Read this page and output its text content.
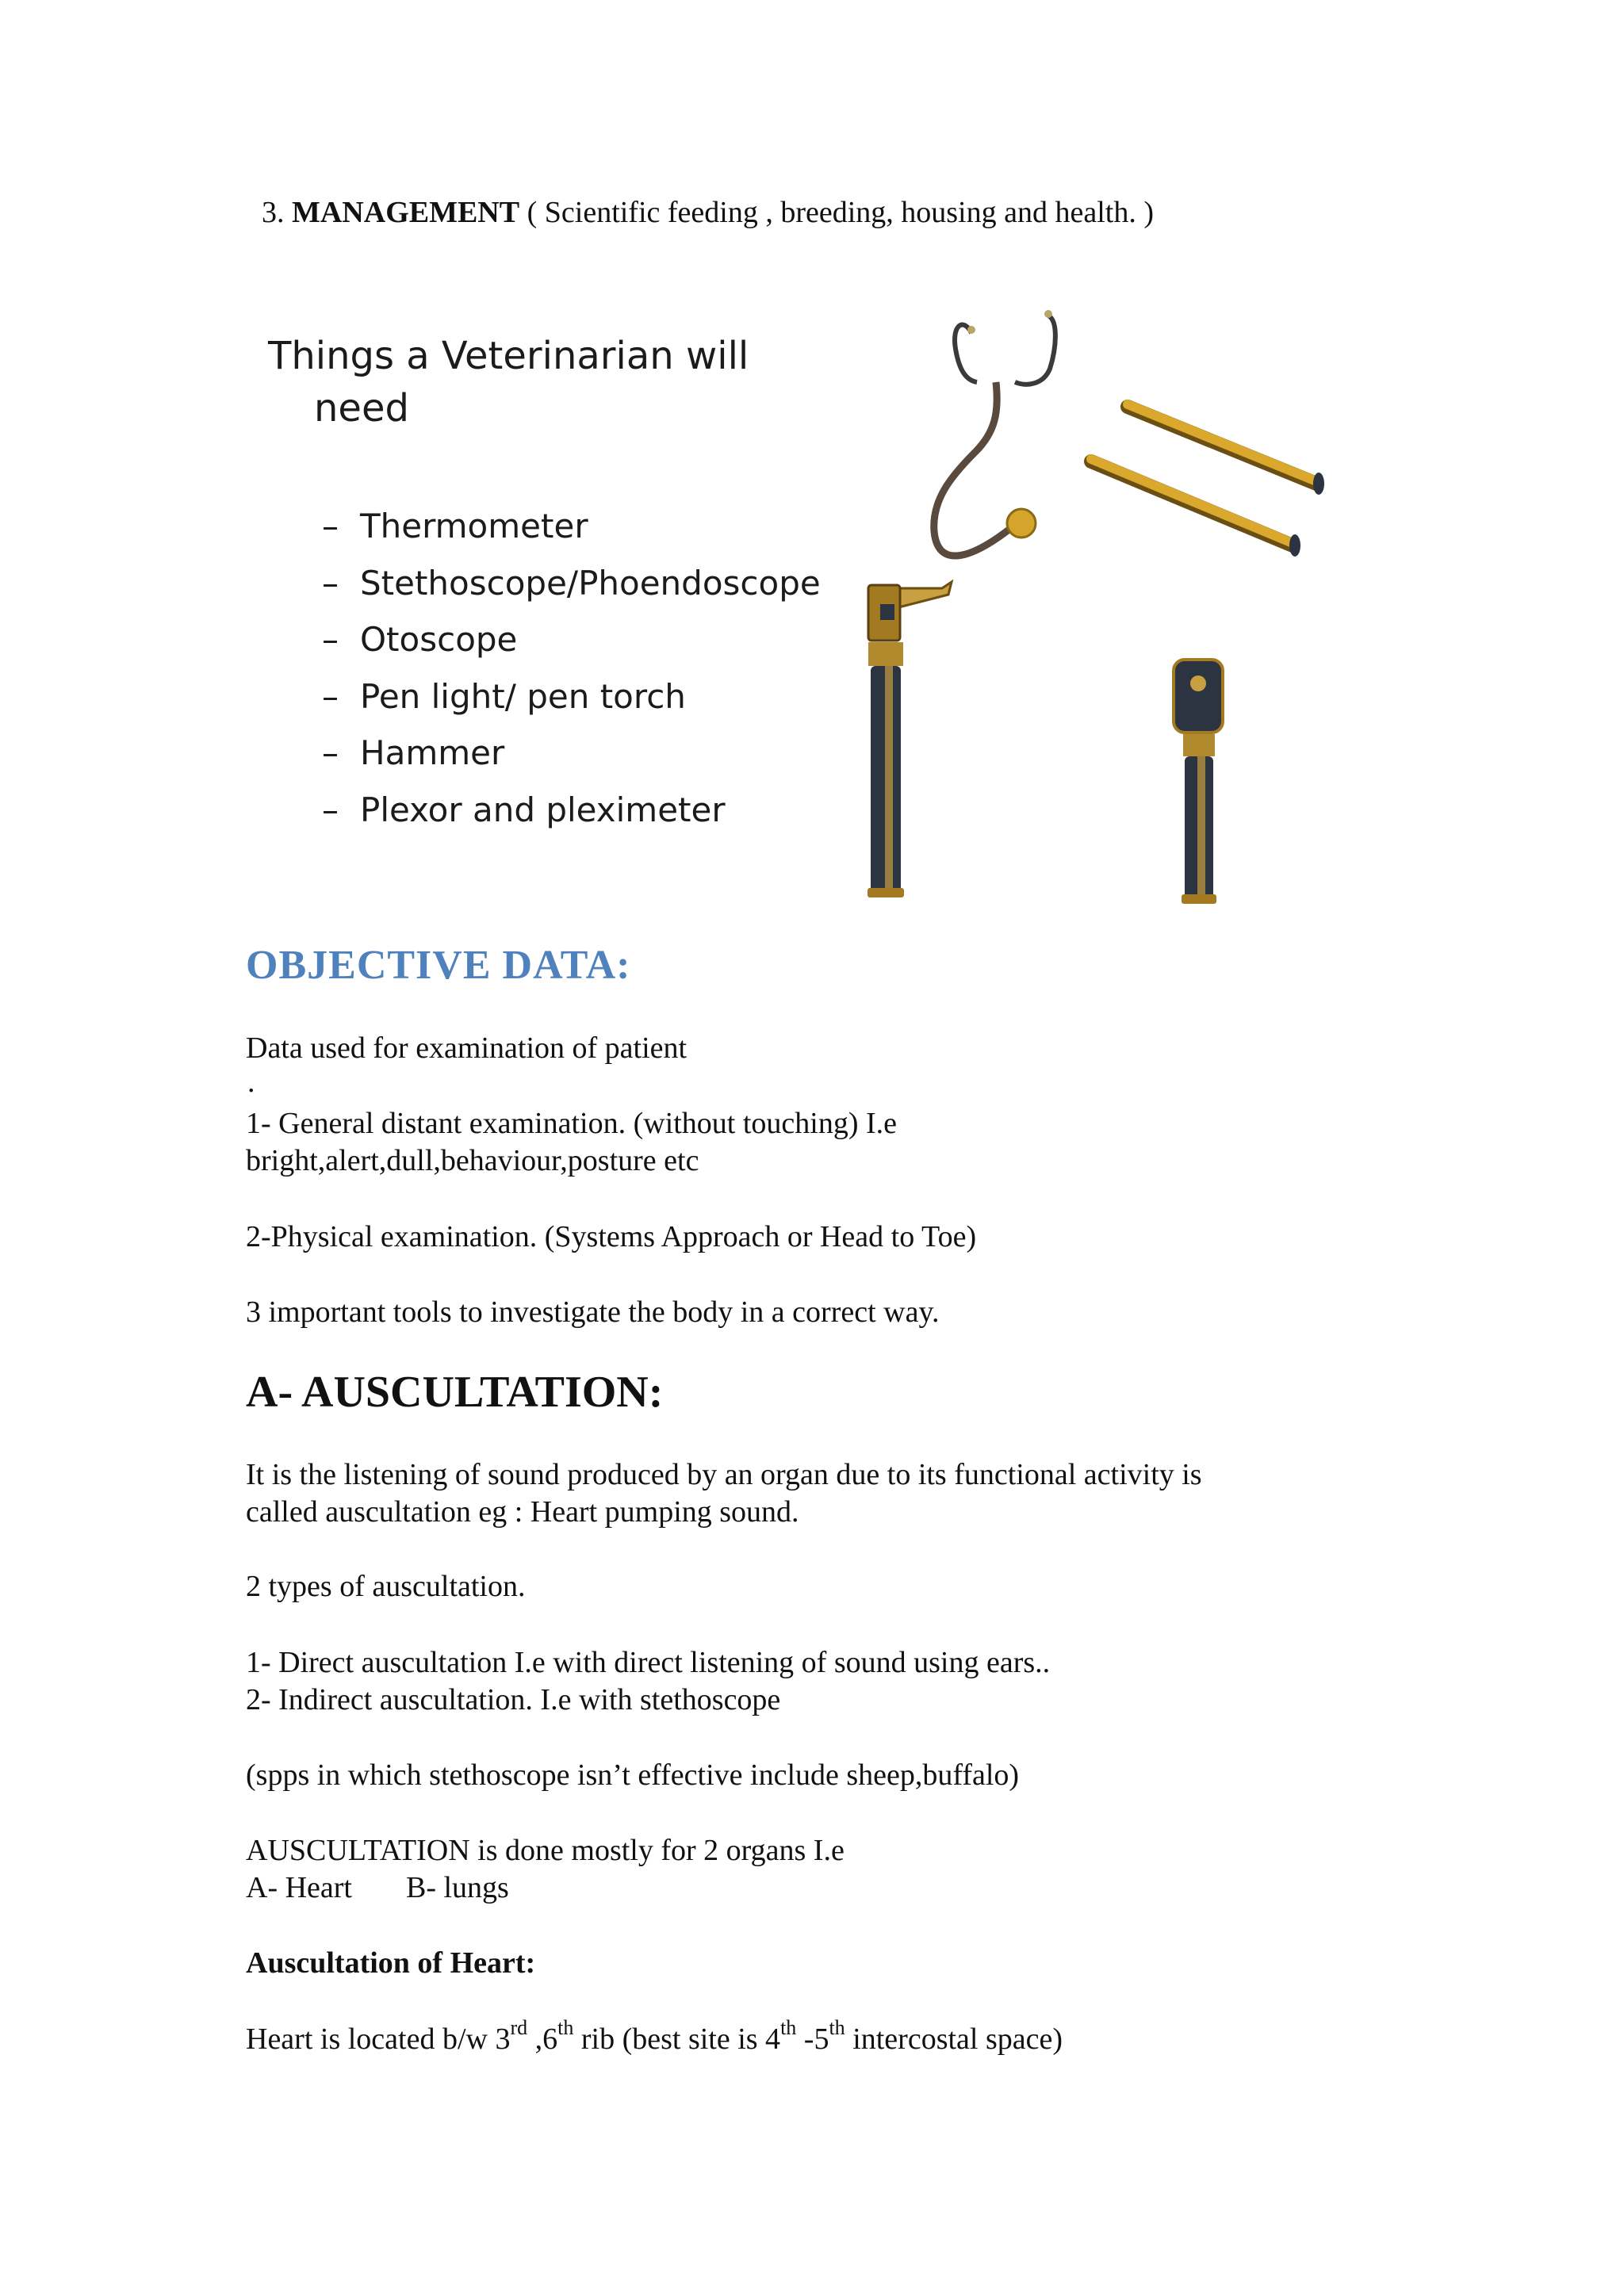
3. MANAGEMENT ( Scientific feeding , breeding, housing and health. )

Things a Veterinarian will
need
– Thermometer
– Stethoscope/Phoendoscope
– Otoscope
– Pen light/ pen torch
– Hammer
– Plexor and pleximeter
OBJECTIVE DATA:

Data used for examination of patient

.

1- General distant examination. (without touching) I.e

bright,alert,dull,behaviour,posture etc

2-Physical examination. (Systems Approach or Head to Toe)

3 important tools to investigate the body in a correct way.

A- AUSCULTATION:

It is the listening of sound produced by an organ due to its functional activity is

called auscultation eg : Heart pumping sound.

2 types of auscultation.

1- Direct auscultation I.e with direct listening of sound using ears..

2- Indirect auscultation. I.e with stethoscope

(spps in which stethoscope isn’t effective include sheep,buffalo)

AUSCULTATION is done mostly for 2 organs I.e

A- Heart B- lungs

Auscultation of Heart:

Heart is located b/w 3rd ,6th rib (best site is 4th -5th intercostal space)
